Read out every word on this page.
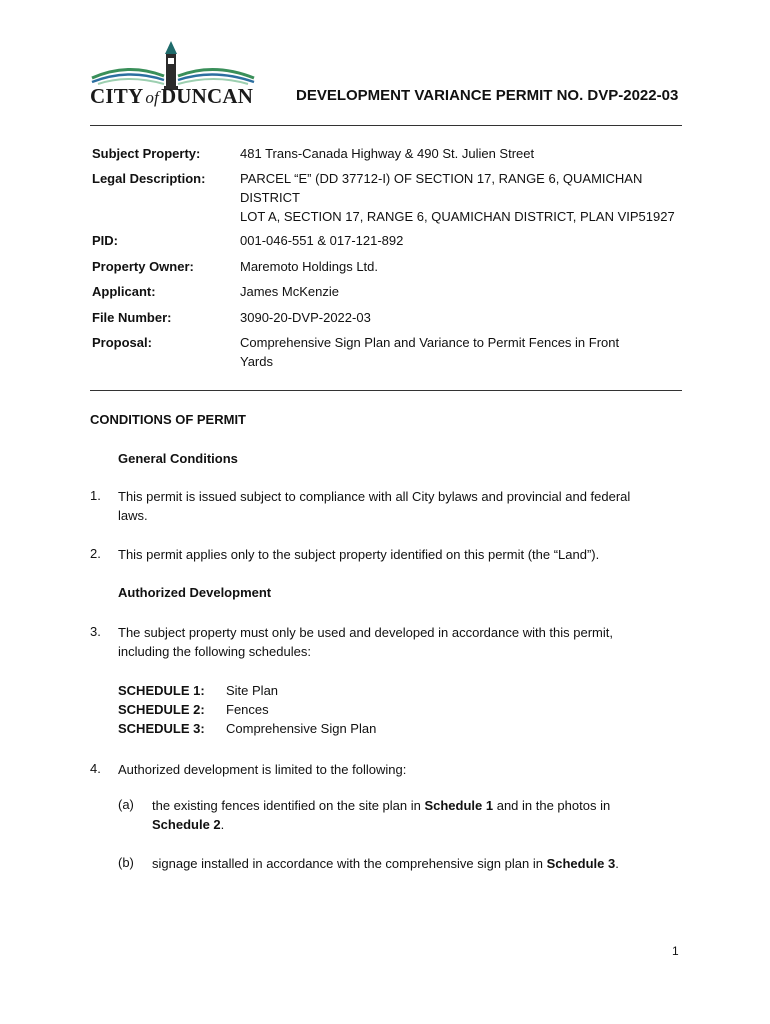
CITY ofDUNCAN	DEVELOPMENT VARIANCE PERMIT NO. DVP-2022-03
Subject Property:	481 Trans-Canada Highway & 490 St. Julien Street
Legal Description:	PARCEL “E” (DD 37712-I) OF SECTION 17, RANGE 6, QUAMICHAN
DISTRICT
LOT A, SECTION 17, RANGE 6, QUAMICHAN DISTRICT, PLAN VIP51927
PID:	001-046-551 & 017-121-892
Property Owner:	Maremoto Holdings Ltd.
Applicant:	James McKenzie
File Number:	3090-20-DVP-2022-03
Proposal:	Comprehensive Sign Plan and Variance to Permit Fences in Front
Yards
CONDITIONS OF PERMIT
General Conditions
1. This permit is issued subject to compliance with all City bylaws and provincial and federal
laws.
2. This permit applies only to the subject property identified on this permit (the “Land”).
Authorized Development
3. The subject property must only be used and developed in accordance with this permit,
including the following schedules:
SCHEDULE 1: Site Plan
SCHEDULE 2: Fences
SCHEDULE 3: Comprehensive Sign Plan
4. Authorized development is limited to the following:
(a) the existing fences identified on the site plan in Schedule 1 and in the photos in
Schedule 2.
(b) signage installed in accordance with the comprehensive sign plan in Schedule 3.
1
